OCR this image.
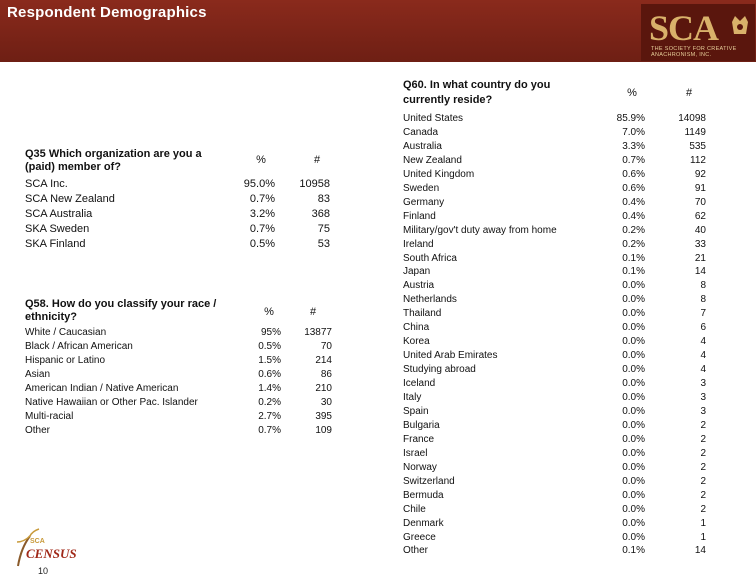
Respondent Demographics	SCA
THE SOCIETY FOR CREATIVE ANACHRONISM, INC.
Q35 Which organization are you a (paid) member of?
%	#
SCA Inc.	95.0%	10958
SCA New Zealand	0.7%	83
SCA Australia	3.2%	368
SKA Sweden	0.7%	75
SKA Finland	0.5%	53
Q58. How do you classify your race / ethnicity?	%	#
White / Caucasian	95%	13877
Black / African American	0.5%	70
Hispanic or Latino	1.5%	214
Asian	0.6%	86
American Indian / Native American	1.4%	210
Native Hawaiian or Other Pac. Islander	0.2%	30
Multi-racial	2.7%	395
Other	0.7%	109
Q60. In what country do you currently reside?
%	#
United States	85.9%	14098
Canada	7.0%	1149
Australia	3.3%	535
New Zealand	0.7%	112
United Kingdom	0.6%	92
Sweden	0.6%	91
Germany	0.4%	70
Finland	0.4%	62
Military/gov't duty away from home	0.2%	40
Ireland	0.2%	33
South Africa	0.1%	21
Japan	0.1%	14
Austria	0.0%	8
Netherlands	0.0%	8
Thailand	0.0%	7
China	0.0%	6
Korea	0.0%	4
United Arab Emirates	0.0%	4
Studying abroad	0.0%	4
Iceland	0.0%	3
Italy	0.0%	3
Spain	0.0%	3
Bulgaria	0.0%	2
France	0.0%	2
Israel	0.0%	2
Norway	0.0%	2
Switzerland	0.0%	2
Bermuda	0.0%	2
Chile	0.0%	2
Denmark	0.0%	1
Greece	0.0%	1
Other	0.1%	14
SCA
CENSUS
10
